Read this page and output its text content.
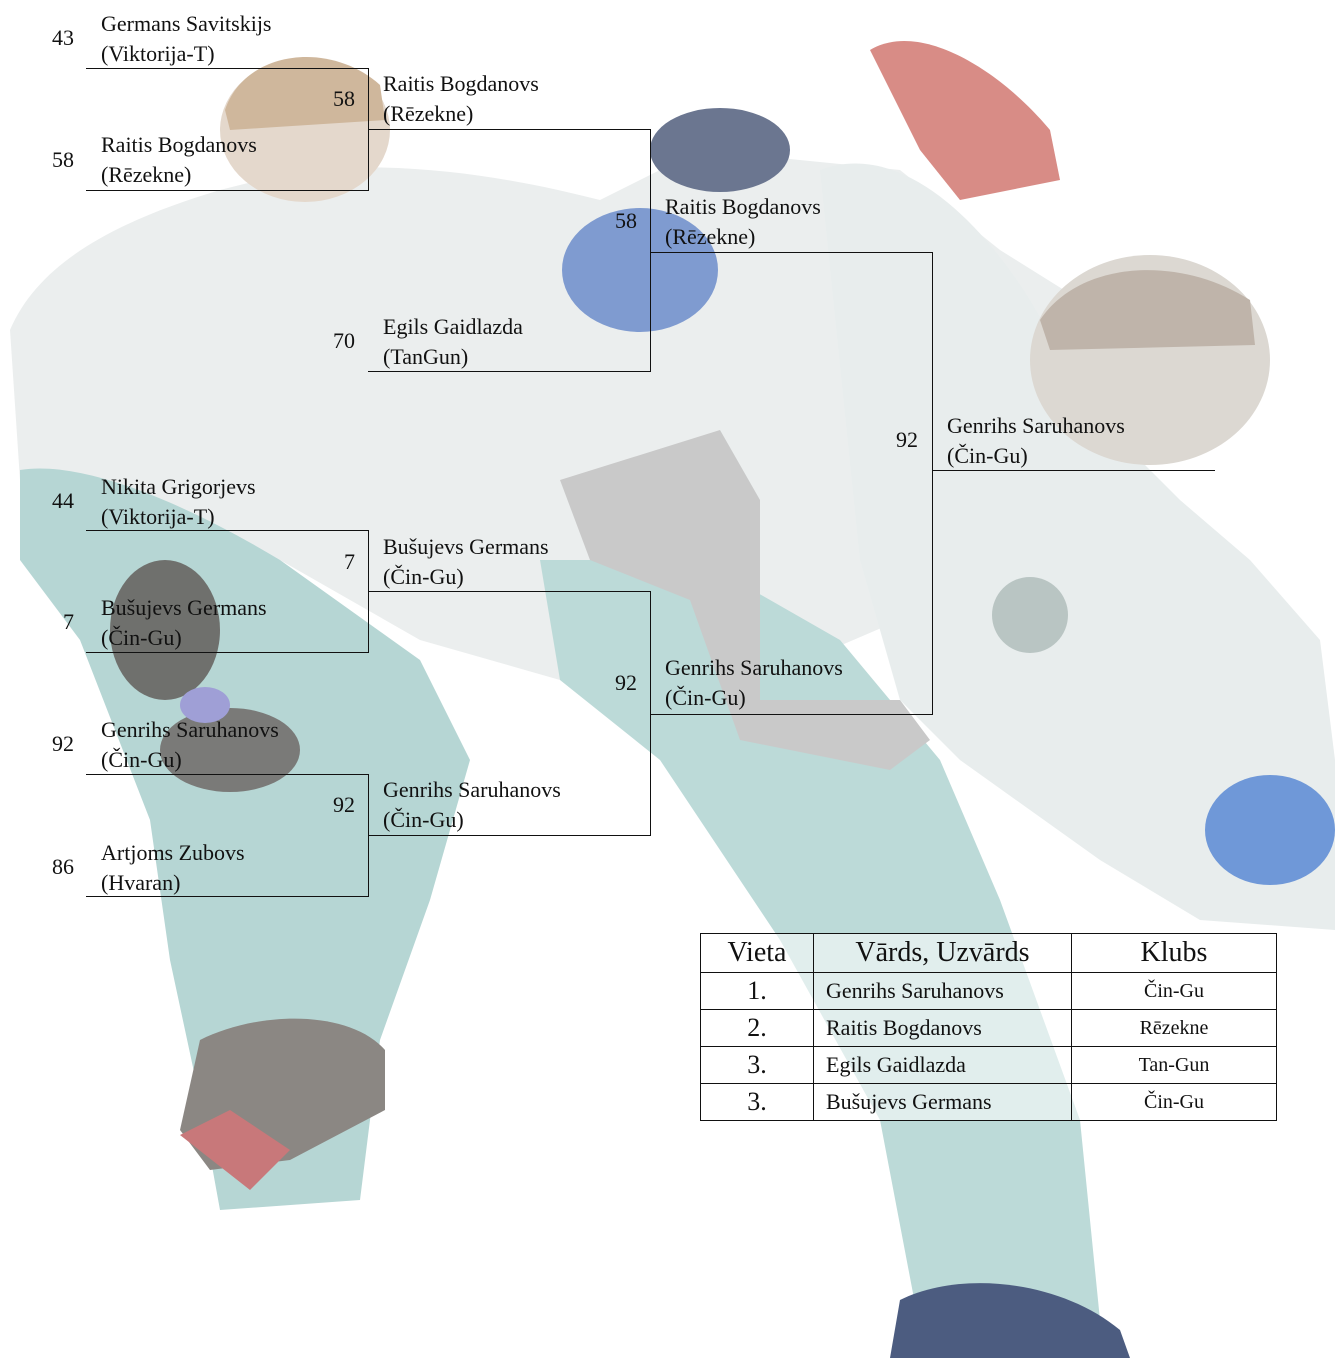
43
Germans Savitskijs
(Viktorija-T)
58
Raitis Bogdanovs
(Rēzekne)
44
Nikita Grigorjevs
(Viktorija-T)
7
Bušujevs Germans
(Čin-Gu)
92
Genrihs Saruhanovs
(Čin-Gu)
86
Artjoms Zubovs
(Hvaran)
58
Raitis Bogdanovs
(Rēzekne)
70
Egils Gaidlazda
(TanGun)
7
Bušujevs Germans
(Čin-Gu)
92
Genrihs Saruhanovs
(Čin-Gu)
58
Raitis Bogdanovs
(Rēzekne)
92
Genrihs Saruhanovs
(Čin-Gu)
92
Genrihs Saruhanovs
(Čin-Gu)
Vieta	Vārds, Uzvārds	Klubs
1.	Genrihs Saruhanovs	Čin-Gu
2.	Raitis Bogdanovs	Rēzekne
3.	Egils Gaidlazda	Tan-Gun
3.	Bušujevs Germans	Čin-Gu
